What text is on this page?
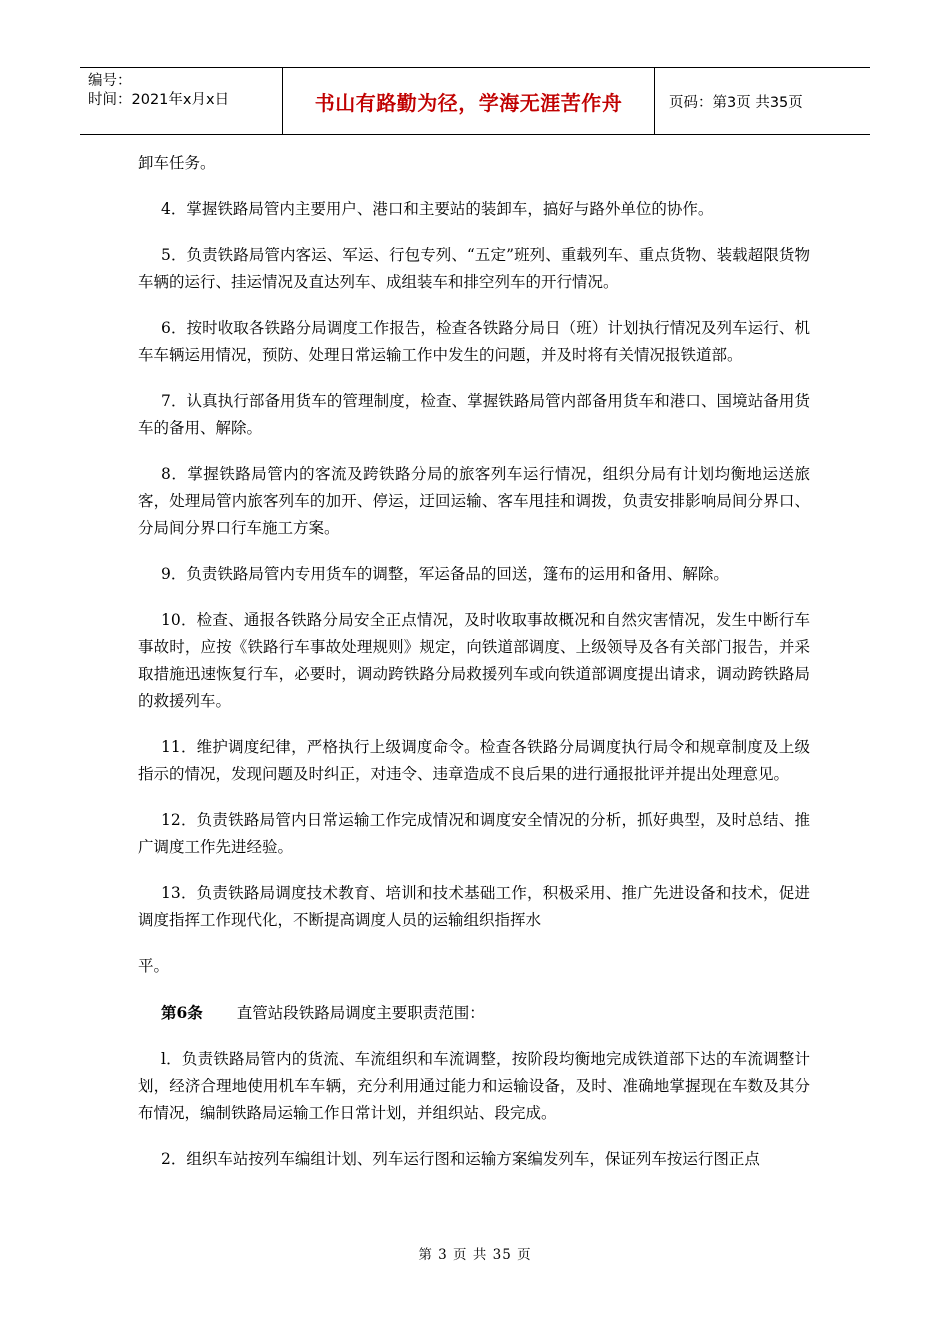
编号：
时间：2021年x月x日	书山有路勤为径，学海无涯苦作舟	页码：第3页 共35页

卸车任务。

4．掌握铁路局管内主要用户、港口和主要站的装卸车，搞好与路外单位的协作。

5．负责铁路局管内客运、军运、行包专列、“五定”班列、重载列车、重点货物、装载超限货物车辆的运行、挂运情况及直达列车、成组装车和排空列车的开行情况。

6．按时收取各铁路分局调度工作报告，检查各铁路分局日（班）计划执行情况及列车运行、机车车辆运用情况，预防、处理日常运输工作中发生的问题，并及时将有关情况报铁道部。

7．认真执行部备用货车的管理制度，检查、掌握铁路局管内部备用货车和港口、国境站备用货车的备用、解除。

8．掌握铁路局管内的客流及跨铁路分局的旅客列车运行情况，组织分局有计划均衡地运送旅客，处理局管内旅客列车的加开、停运，迂回运输、客车甩挂和调拨，负责安排影响局间分界口、分局间分界口行车施工方案。

9．负责铁路局管内专用货车的调整，军运备品的回送，篷布的运用和备用、解除。

10．检查、通报各铁路分局安全正点情况，及时收取事故概况和自然灾害情况，发生中断行车事故时，应按《铁路行车事故处理规则》规定，向铁道部调度、上级领导及各有关部门报告，并采取措施迅速恢复行车，必要时，调动跨铁路分局救援列车或向铁道部调度提出请求，调动跨铁路局的救援列车。

11．维护调度纪律，严格执行上级调度命令。检查各铁路分局调度执行局令和规章制度及上级指示的情况，发现问题及时纠正，对违令、违章造成不良后果的进行通报批评并提出处理意见。

12．负责铁路局管内日常运输工作完成情况和调度安全情况的分析，抓好典型，及时总结、推广调度工作先进经验。

13．负责铁路局调度技术教育、培训和技术基础工作，积极采用、推广先进设备和技术，促进调度指挥工作现代化，不断提高调度人员的运输组织指挥水

平。

第6条 直管站段铁路局调度主要职责范围：

l．负责铁路局管内的货流、车流组织和车流调整，按阶段均衡地完成铁道部下达的车流调整计划，经济合理地使用机车车辆，充分利用通过能力和运输设备，及时、准确地掌握现在车数及其分布情况，编制铁路局运输工作日常计划，并组织站、段完成。

2．组织车站按列车编组计划、列车运行图和运输方案编发列车，保证列车按运行图正点

第 3 页 共 35 页
